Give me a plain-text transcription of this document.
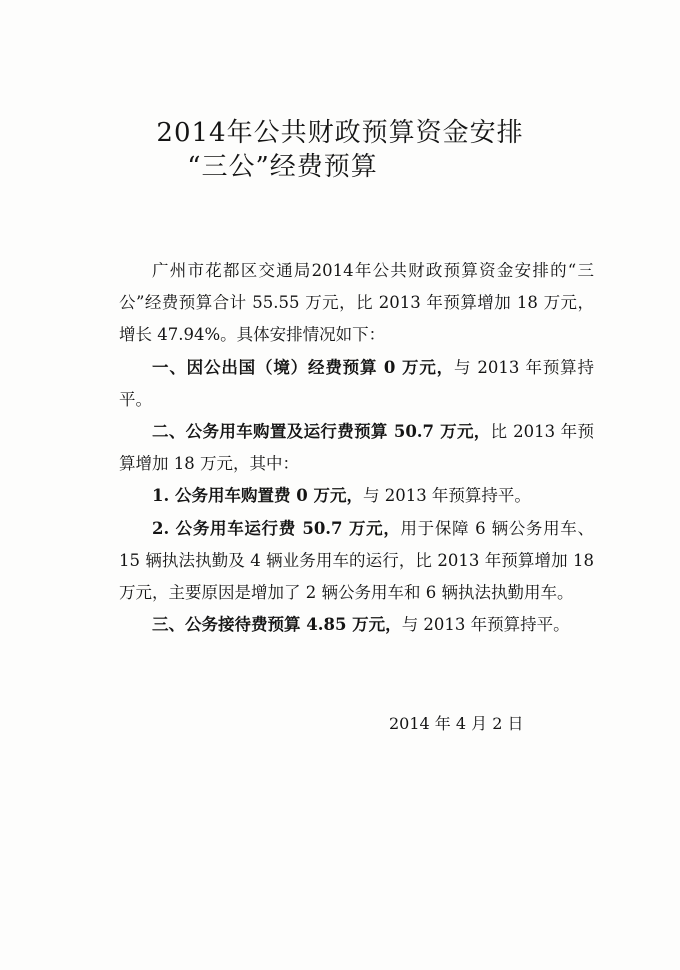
2014年公共财政预算资金安排
“三公”经费预算

广州市花都区交通局2014年公共财政预算资金安排的“三公”经费预算合计 55.55 万元，比 2013 年预算增加 18 万元，增长 47.94%。具体安排情况如下：

一、因公出国（境）经费预算 0 万元，与 2013 年预算持平。

二、公务用车购置及运行费预算 50.7 万元，比 2013 年预算增加 18 万元，其中：

1. 公务用车购置费 0 万元，与 2013 年预算持平。

2. 公务用车运行费 50.7 万元，用于保障 6 辆公务用车、15 辆执法执勤及 4 辆业务用车的运行，比 2013 年预算增加 18 万元，主要原因是增加了 2 辆公务用车和 6 辆执法执勤用车。

三、公务接待费预算 4.85 万元，与 2013 年预算持平。

2014 年 4 月 2 日
